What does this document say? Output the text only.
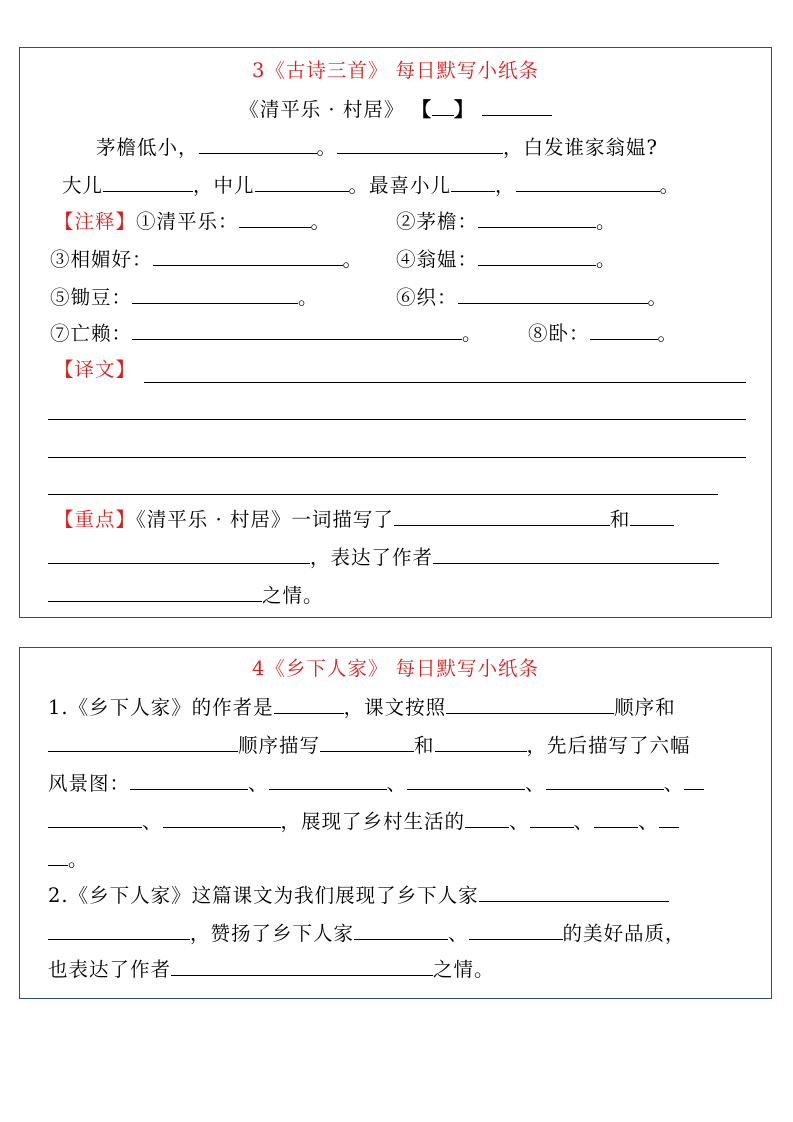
3《古诗三首》 每日默写小纸条
《清平乐 · 村居》 【 】
茅檐低小，	。	，白发谁家翁媪?
大儿	，中儿	。最喜小儿 ，	。
【注释】①清平乐：	。	②茅檐：	。
③相媚好：	。 ④翁媪：	。
⑤锄豆：	。	⑥织：	。
⑦亡赖：	。 ⑧卧：	。
【译文】
【重点】《清平乐 · 村居》一词描写了	和
，表达了作者
之情。
4《乡下人家》 每日默写小纸条
1.《乡下人家》的作者是	，课文按照	顺序和
顺序描写	和	，先后描写了六幅
风景图：	、	、	、	、
、	，展现了乡村生活的 、 、 、
。
2.《乡下人家》这篇课文为我们展现了乡下人家
，赞扬了乡下人家	、	的美好品质，
也表达了作者	之情。
